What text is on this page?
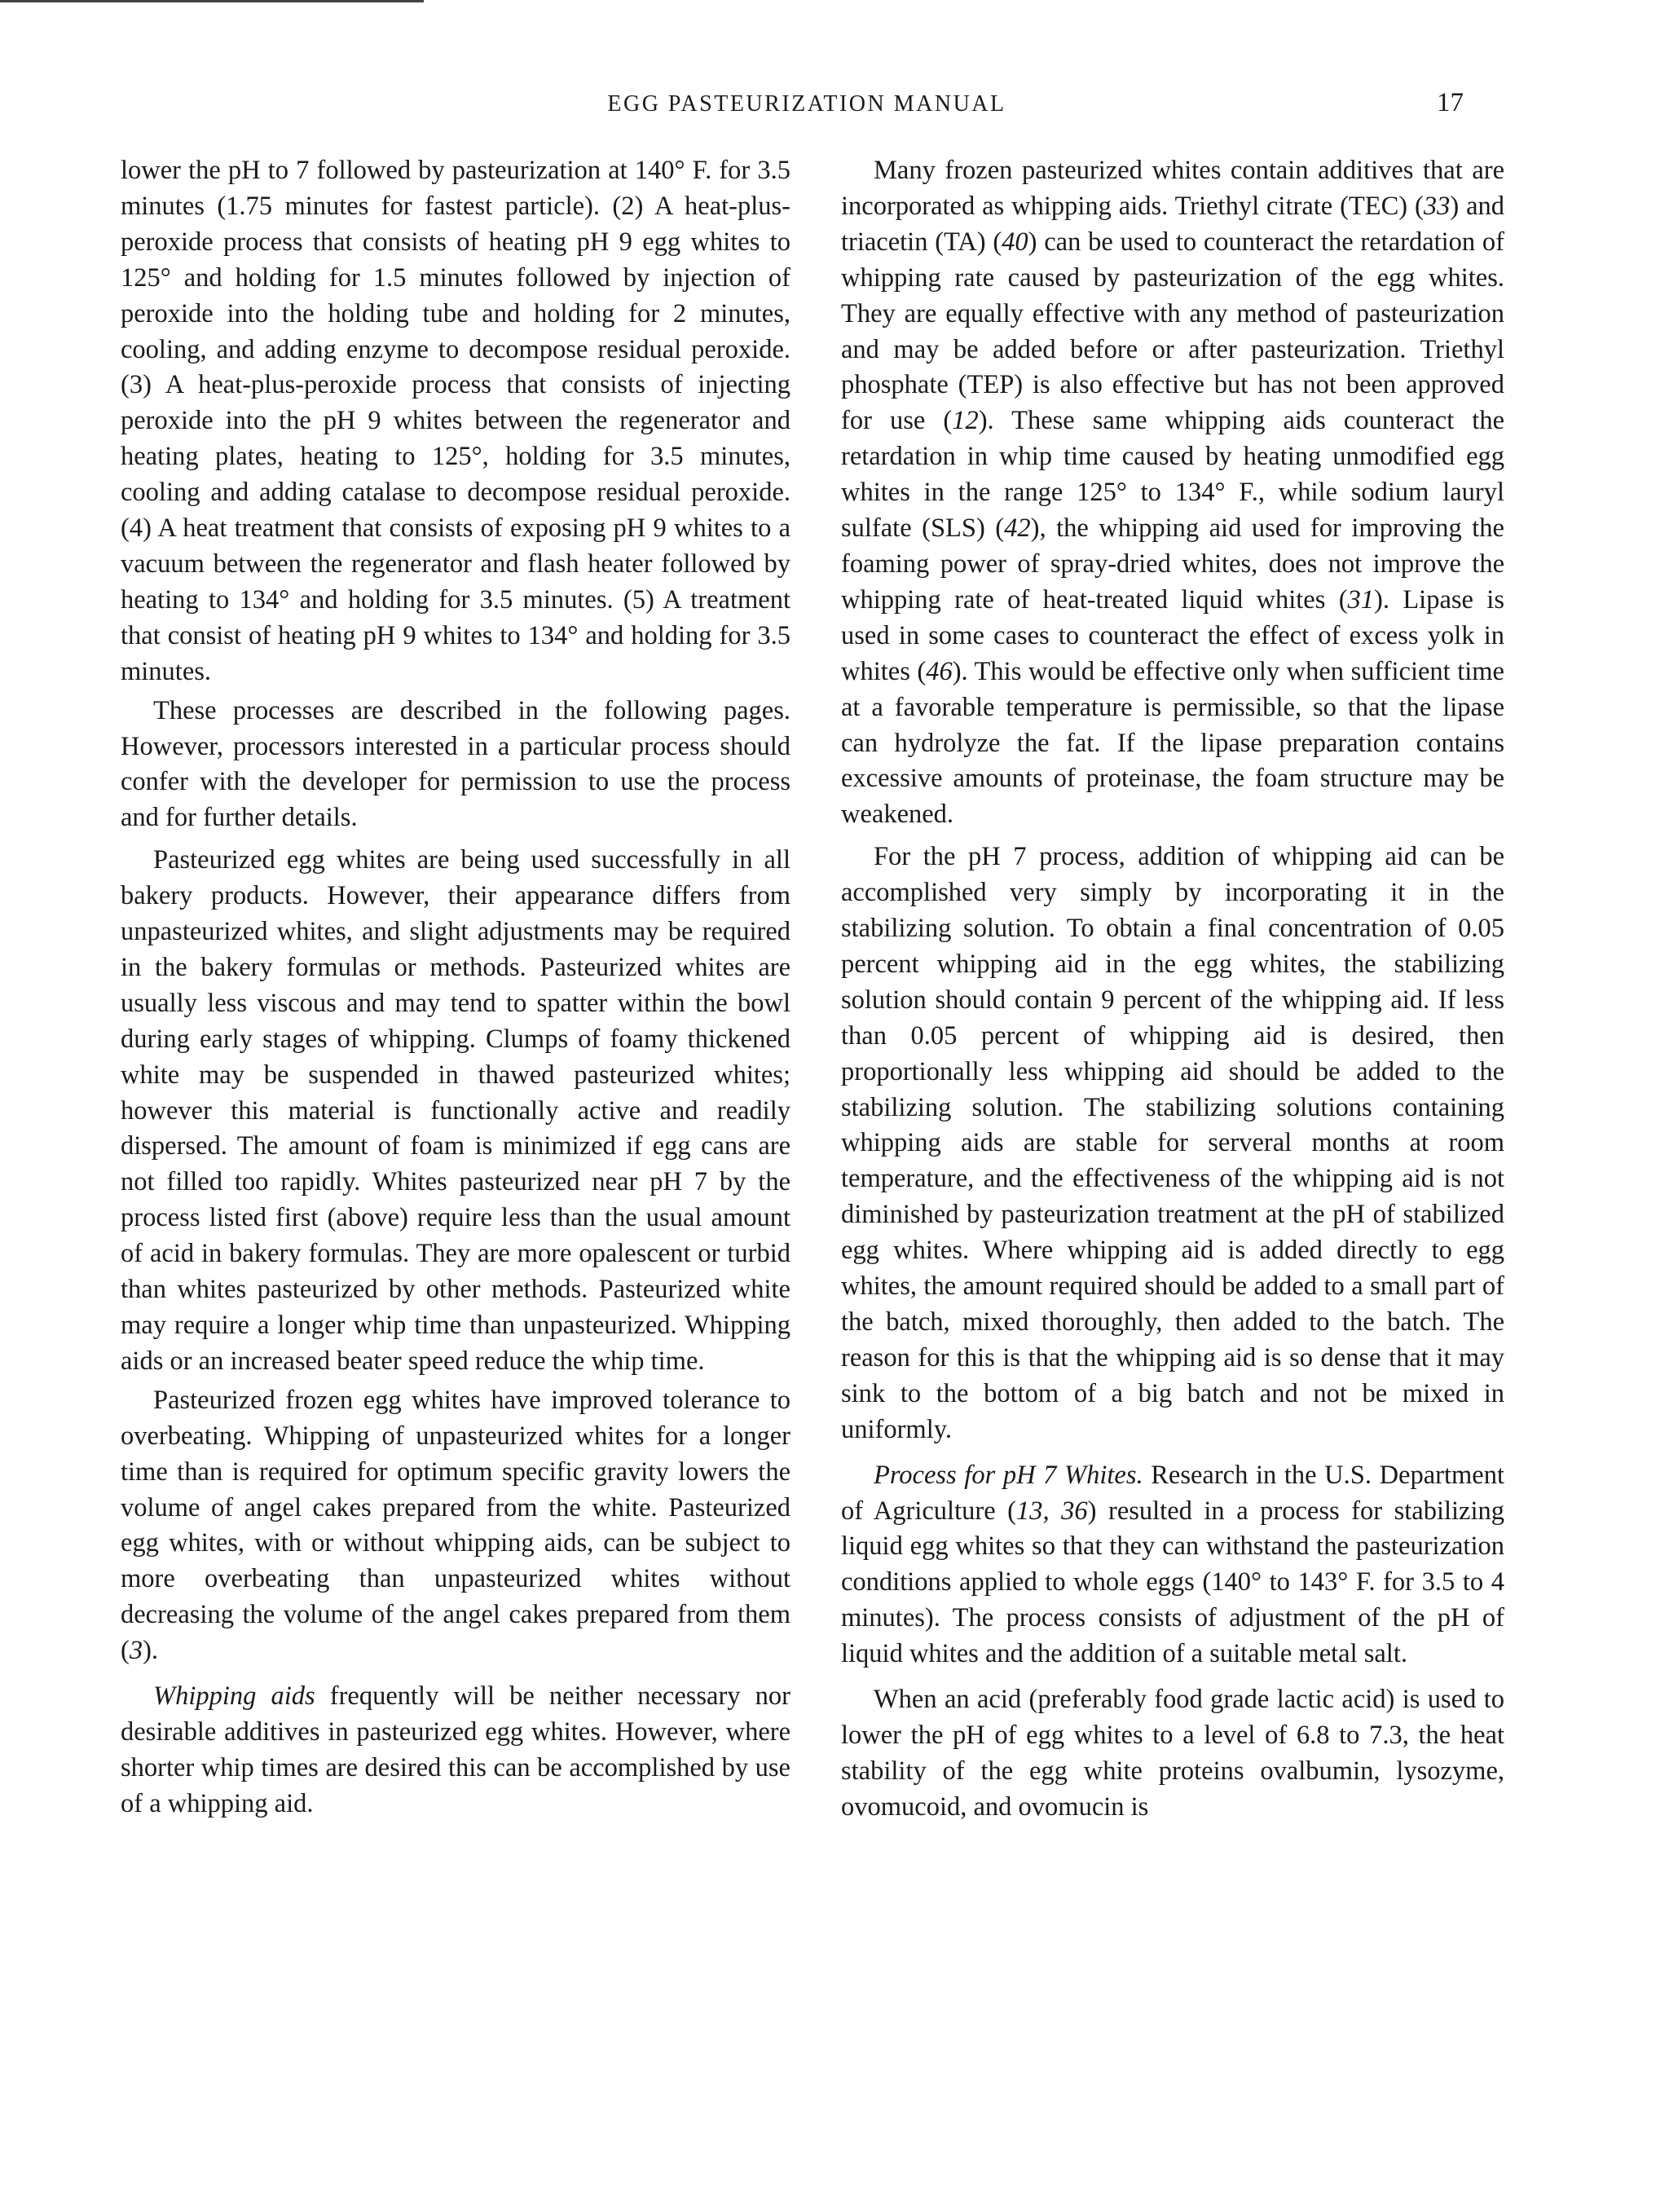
EGG PASTEURIZATION MANUAL	17

lower the pH to 7 followed by pasteurization at 140° F. for 3.5 minutes (1.75 minutes for fastest particle). (2) A heat-plus-peroxide process that consists of heating pH 9 egg whites to 125° and holding for 1.5 minutes followed by injection of peroxide into the holding tube and holding for 2 minutes, cooling, and adding enzyme to decompose residual peroxide. (3) A heat-plus-peroxide process that consists of injecting peroxide into the pH 9 whites between the regenerator and heating plates, heating to 125°, holding for 3.5 minutes, cooling and adding catalase to decompose residual peroxide. (4) A heat treatment that consists of exposing pH 9 whites to a vacuum between the regenerator and flash heater followed by heating to 134° and holding for 3.5 minutes. (5) A treatment that consist of heating pH 9 whites to 134° and holding for 3.5 minutes.

These processes are described in the following pages. However, processors interested in a particular process should confer with the developer for permission to use the process and for further details.

Pasteurized egg whites are being used successfully in all bakery products. However, their appearance differs from unpasteurized whites, and slight adjustments may be required in the bakery formulas or methods. Pasteurized whites are usually less viscous and may tend to spatter within the bowl during early stages of whipping. Clumps of foamy thickened white may be suspended in thawed pasteurized whites; however this material is functionally active and readily dispersed. The amount of foam is minimized if egg cans are not filled too rapidly. Whites pasteurized near pH 7 by the process listed first (above) require less than the usual amount of acid in bakery formulas. They are more opalescent or turbid than whites pasteurized by other methods. Pasteurized white may require a longer whip time than unpasteurized. Whipping aids or an increased beater speed reduce the whip time.

Pasteurized frozen egg whites have improved tolerance to overbeating. Whipping of unpasteurized whites for a longer time than is required for optimum specific gravity lowers the volume of angel cakes prepared from the white. Pasteurized egg whites, with or without whipping aids, can be subject to more overbeating than unpasteurized whites without decreasing the volume of the angel cakes prepared from them (3).

Whipping aids frequently will be neither necessary nor desirable additives in pasteurized egg whites. However, where shorter whip times are desired this can be accomplished by use of a whipping aid.

Many frozen pasteurized whites contain additives that are incorporated as whipping aids. Triethyl citrate (TEC) (33) and triacetin (TA) (40) can be used to counteract the retardation of whipping rate caused by pasteurization of the egg whites. They are equally effective with any method of pasteurization and may be added before or after pasteurization. Triethyl phosphate (TEP) is also effective but has not been approved for use (12). These same whipping aids counteract the retardation in whip time caused by heating unmodified egg whites in the range 125° to 134° F., while sodium lauryl sulfate (SLS) (42), the whipping aid used for improving the foaming power of spray-dried whites, does not improve the whipping rate of heat-treated liquid whites (31). Lipase is used in some cases to counteract the effect of excess yolk in whites (46). This would be effective only when sufficient time at a favorable temperature is permissible, so that the lipase can hydrolyze the fat. If the lipase preparation contains excessive amounts of proteinase, the foam structure may be weakened.

For the pH 7 process, addition of whipping aid can be accomplished very simply by incorporating it in the stabilizing solution. To obtain a final concentration of 0.05 percent whipping aid in the egg whites, the stabilizing solution should contain 9 percent of the whipping aid. If less than 0.05 percent of whipping aid is desired, then proportionally less whipping aid should be added to the stabilizing solution. The stabilizing solutions containing whipping aids are stable for serveral months at room temperature, and the effectiveness of the whipping aid is not diminished by pasteurization treatment at the pH of stabilized egg whites. Where whipping aid is added directly to egg whites, the amount required should be added to a small part of the batch, mixed thoroughly, then added to the batch. The reason for this is that the whipping aid is so dense that it may sink to the bottom of a big batch and not be mixed in uniformly.

Process for pH 7 Whites. Research in the U.S. Department of Agriculture (13, 36) resulted in a process for stabilizing liquid egg whites so that they can withstand the pasteurization conditions applied to whole eggs (140° to 143° F. for 3.5 to 4 minutes). The process consists of adjustment of the pH of liquid whites and the addition of a suitable metal salt.

When an acid (preferably food grade lactic acid) is used to lower the pH of egg whites to a level of 6.8 to 7.3, the heat stability of the egg white proteins ovalbumin, lysozyme, ovomucoid, and ovomucin is
